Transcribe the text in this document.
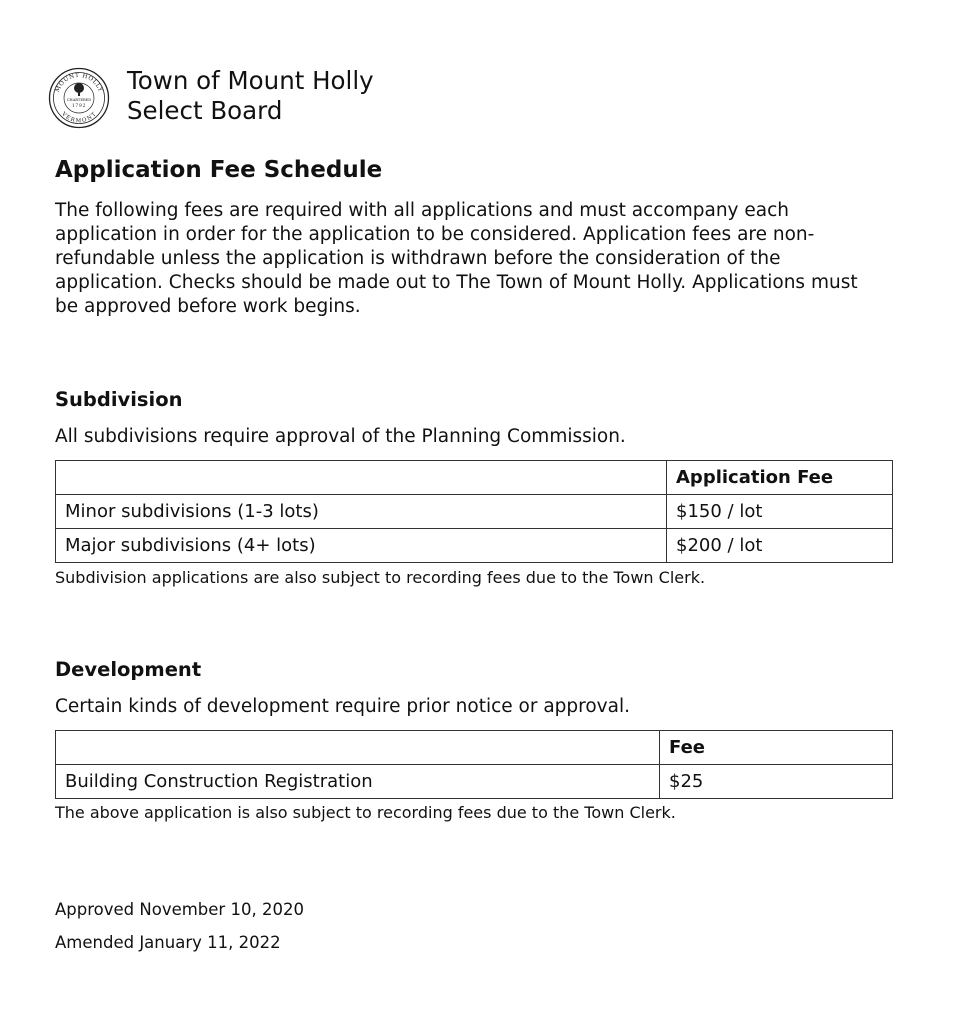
MOUNT HOLLY
VERMONT
CHARTERED
1792
Town of Mount Holly
Select Board
Application Fee Schedule

The following fees are required with all applications and must accompany each application in order for the application to be considered. Application fees are non-refundable unless the application is withdrawn before the consideration of the application. Checks should be made out to The Town of Mount Holly. Applications must be approved before work begins.

Subdivision

All subdivisions require approval of the Planning Commission.

	Application Fee
Minor subdivisions (1-3 lots)	$150 / lot
Major subdivisions (4+ lots)	$200 / lot

Subdivision applications are also subject to recording fees due to the Town Clerk.

Development

Certain kinds of development require prior notice or approval.

	Fee
Building Construction Registration	$25

The above application is also subject to recording fees due to the Town Clerk.

Approved November 10, 2020

Amended January 11, 2022
